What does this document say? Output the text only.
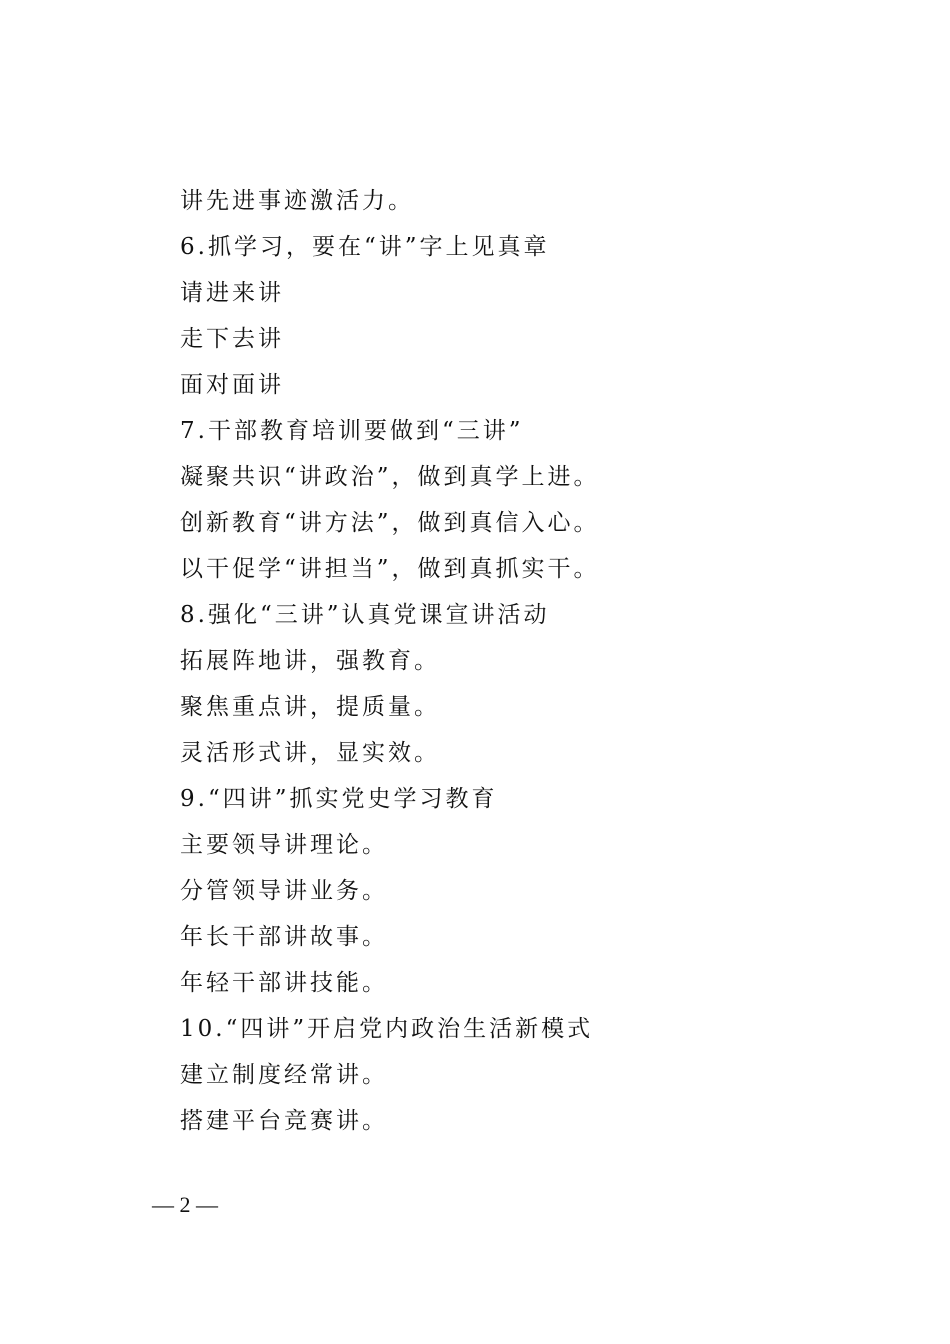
讲先进事迹激活力。
6.抓学习，要在“讲”字上见真章
请进来讲
走下去讲
面对面讲
7.干部教育培训要做到“三讲”
凝聚共识“讲政治”，做到真学上进。
创新教育“讲方法”，做到真信入心。
以干促学“讲担当”，做到真抓实干。
8.强化“三讲”认真党课宣讲活动
拓展阵地讲，强教育。
聚焦重点讲，提质量。
灵活形式讲，显实效。
9.“四讲”抓实党史学习教育
主要领导讲理论。
分管领导讲业务。
年长干部讲故事。
年轻干部讲技能。
10.“四讲”开启党内政治生活新模式
建立制度经常讲。
搭建平台竞赛讲。
— 2 —
